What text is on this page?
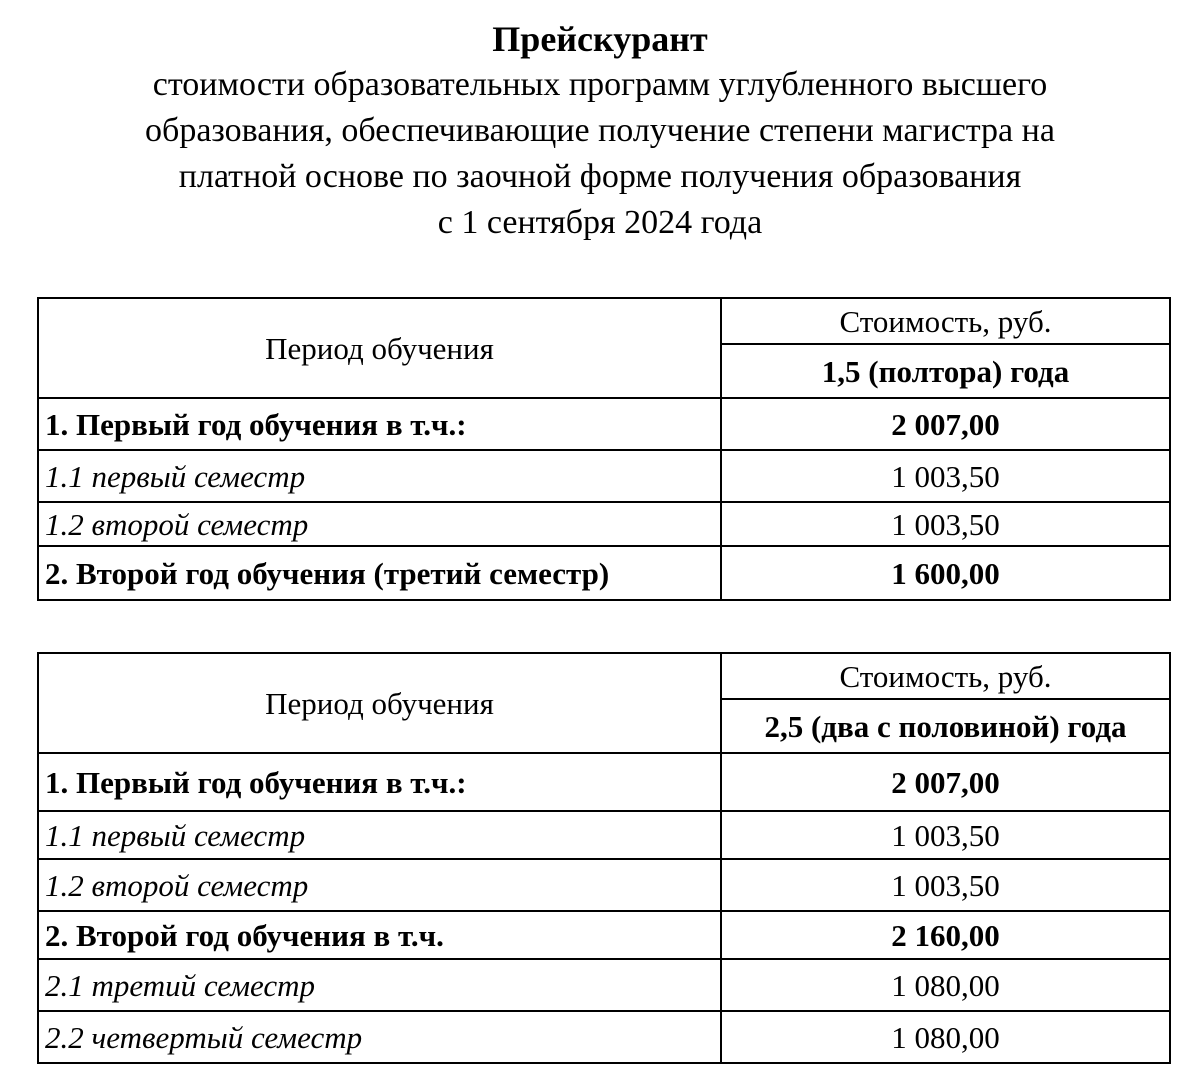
Прейскурант
стоимости образовательных программ углубленного высшего
образования, обеспечивающие получение степени магистра на
платной основе по заочной форме получения образования
с 1 сентября 2024 года
Период обучения	Стоимость, руб.
	1,5 (полтора) года
1. Первый год обучения в т.ч.:	2 007,00
1.1 первый семестр	1 003,50
1.2 второй семестр	1 003,50
2. Второй год обучения (третий семестр)	1 600,00
Период обучения	Стоимость, руб.
	2,5 (два с половиной) года
1. Первый год обучения в т.ч.:	2 007,00
1.1 первый семестр	1 003,50
1.2 второй семестр	1 003,50
2. Второй год обучения в т.ч.	2 160,00
2.1 третий семестр	1 080,00
2.2 четвертый семестр	1 080,00
